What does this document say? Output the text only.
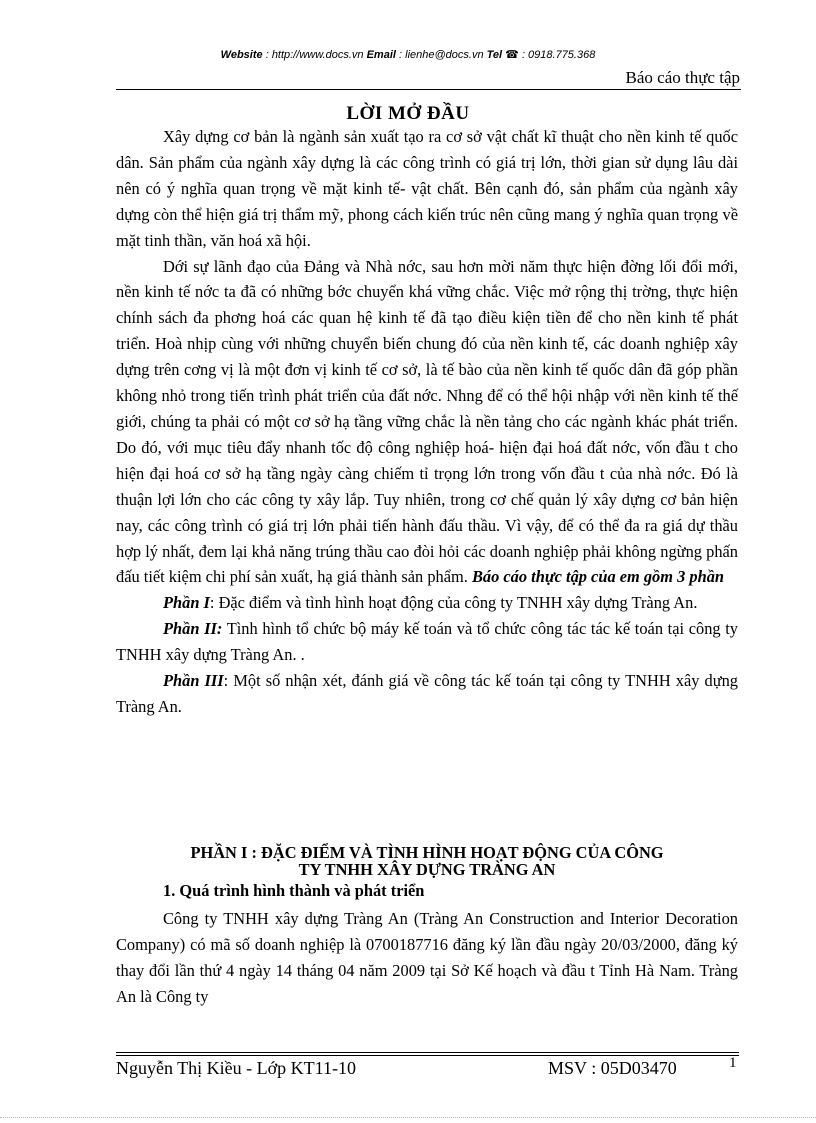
Website : http://www.docs.vn Email : lienhe@docs.vn Tel ☎ : 0918.775.368
Báo cáo thực tập
LỜI MỞ ĐẦU

Xây dựng cơ bản là ngành sản xuất tạo ra cơ sở vật chất kĩ thuật cho nền kinh tế quốc dân. Sản phẩm của ngành xây dựng là các công trình có giá trị lớn, thời gian sử dụng lâu dài nên có ý nghĩa quan trọng về mặt kinh tế- vật chất. Bên cạnh đó, sản phẩm của ngành xây dựng còn thể hiện giá trị thẩm mỹ, phong cách kiến trúc nên cũng mang ý nghĩa quan trọng về mặt tinh thần, văn hoá xã hội.

Dới sự lãnh đạo của Đảng và Nhà nớc, sau hơn mời năm thực hiện đờng lối đổi mới, nền kinh tế nớc ta đã có những bớc chuyển khá vững chắc. Việc mở rộng thị trờng, thực hiện chính sách đa phơng hoá các quan hệ kinh tế đã tạo điều kiện tiền để cho nền kinh tế phát triển. Hoà nhịp cùng với những chuyển biến chung đó của nền kinh tế, các doanh nghiệp xây dựng trên cơng vị là một đơn vị kinh tế cơ sở, là tế bào của nền kinh tế quốc dân đã góp phần không nhỏ trong tiến trình phát triển của đất nớc. Nhng để có thể hội nhập với nền kinh tế thế giới, chúng ta phải có một cơ sở hạ tầng vững chắc là nền tảng cho các ngành khác phát triển. Do đó, với mục tiêu đẩy nhanh tốc độ công nghiệp hoá- hiện đại hoá đất nớc, vốn đầu t cho hiện đại hoá cơ sở hạ tầng ngày càng chiếm tỉ trọng lớn trong vốn đầu t của nhà nớc. Đó là thuận lợi lớn cho các công ty xây lắp. Tuy nhiên, trong cơ chế quản lý xây dựng cơ bản hiện nay, các công trình có giá trị lớn phải tiến hành đấu thầu. Vì vậy, để có thể đa ra giá dự thầu hợp lý nhất, đem lại khả năng trúng thầu cao đòi hỏi các doanh nghiệp phải không ngừng phấn đấu tiết kiệm chi phí sản xuất, hạ giá thành sản phẩm. Báo cáo thực tập của em gồm 3 phần

Phần I: Đặc điểm và tình hình hoạt động của công ty TNHH xây dựng Tràng An.

Phần II: Tình hình tổ chức bộ máy kế toán và tổ chức công tác tác kế toán tại công ty TNHH xây dựng Tràng An. .

Phần III: Một số nhận xét, đánh giá về công tác kế toán tại công ty TNHH xây dựng Tràng An.

PHẦN I : ĐẶC ĐIỂM VÀ TÌNH HÌNH HOẠT ĐỘNG CỦA CÔNG
TY TNHH XÂY DỰNG TRÀNG AN
1. Quá trình hình thành và phát triển

Công ty TNHH xây dựng Tràng An (Tràng An Construction and Interior Decoration Company) có mã số doanh nghiệp là 0700187716 đăng ký lần đầu ngày 20/03/2000, đăng ký thay đổi lần thứ 4 ngày 14 tháng 04 năm 2009 tại Sở Kế hoạch và đầu t Tỉnh Hà Nam. Tràng An là Công ty

Nguyễn Thị Kiều - Lớp KT11-10	MSV : 05D03470	1
